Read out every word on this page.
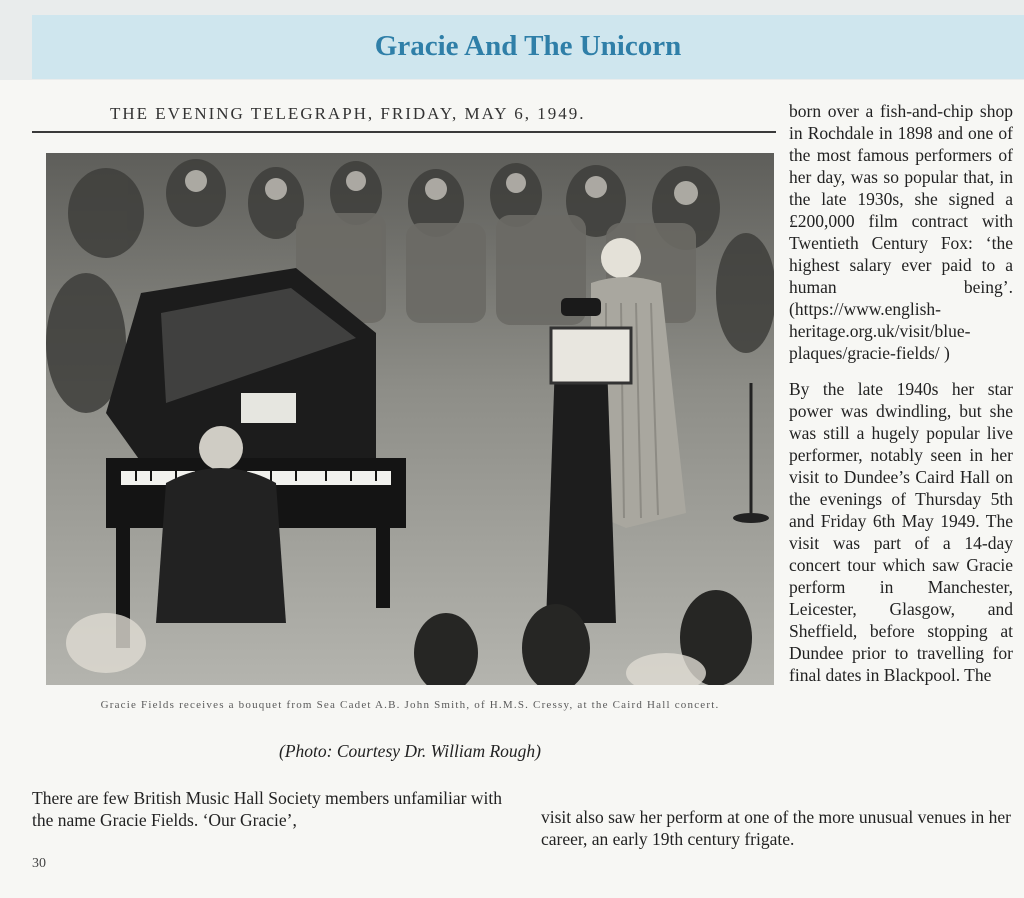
Gracie And The Unicorn
THE EVENING TELEGRAPH, FRIDAY, MAY 6, 1949.
Gracie Fields receives a bouquet from Sea Cadet A.B. John Smith, of H.M.S. Cressy, at the Caird Hall concert.
(Photo: Courtesy Dr. William Rough)

born over a fish-and-chip shop in Rochdale in 1898 and one of the most famous performers of her day, was so popular that, in the late 1930s, she signed a £200,000 film contract with Twentieth Century Fox: ‘the highest salary ever paid to a human being’. (https://www.english-heritage.org.uk/visit/blue-plaques/gracie-fields/ )

By the late 1940s her star power was dwindling, but she was still a hugely popular live performer, notably seen in her visit to Dundee’s Caird Hall on the evenings of Thursday 5th and Friday 6th May 1949. The visit was part of a 14-day concert tour which saw Gracie perform in Manchester, Leicester, Glasgow, and Sheffield, before stopping at Dundee prior to travelling for final dates in Blackpool. The

There are few British Music Hall Society members unfamiliar with the name Gracie Fields. ‘Our Gracie’,	visit also saw her perform at one of the more unusual venues in her career, an early 19th century frigate.

30
